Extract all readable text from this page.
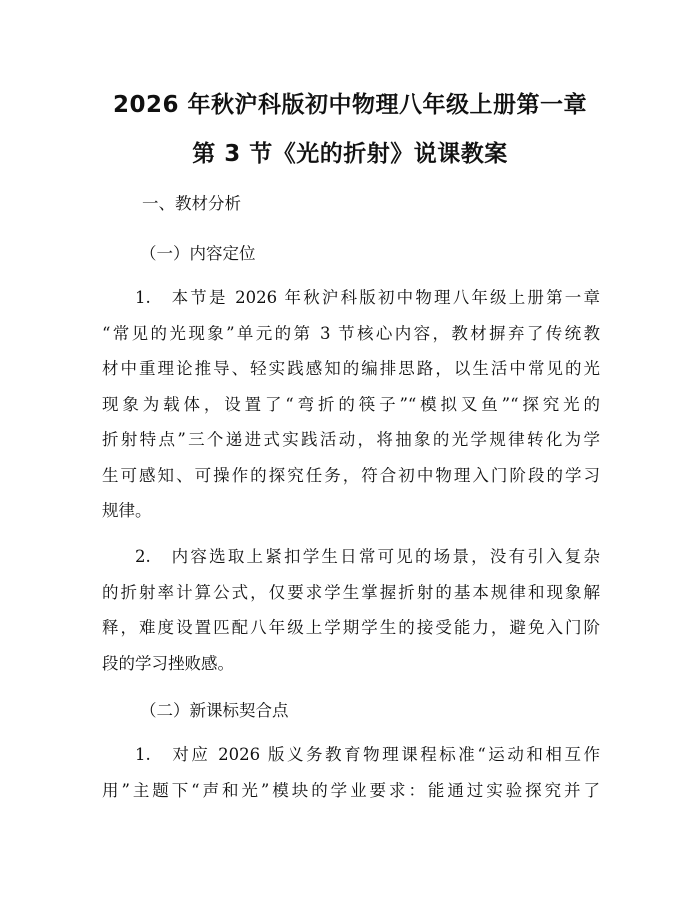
2026 年秋沪科版初中物理八年级上册第一章
第 3 节《光的折射》说课教案
一、教材分析
（一）内容定位
1.　本节是 2026 年秋沪科版初中物理八年级上册第一章
“常见的光现象”单元的第 3 节核心内容，教材摒弃了传统教
材中重理论推导、轻实践感知的编排思路，以生活中常见的光
现象为载体，设置了“弯折的筷子”“模拟叉鱼”“探究光的
折射特点”三个递进式实践活动，将抽象的光学规律转化为学
生可感知、可操作的探究任务，符合初中物理入门阶段的学习
规律。
2.　内容选取上紧扣学生日常可见的场景，没有引入复杂
的折射率计算公式，仅要求学生掌握折射的基本规律和现象解
释，难度设置匹配八年级上学期学生的接受能力，避免入门阶
段的学习挫败感。
（二）新课标契合点
1.　对应 2026 版义务教育物理课程标准“运动和相互作
用”主题下“声和光”模块的学业要求：能通过实验探究并了
